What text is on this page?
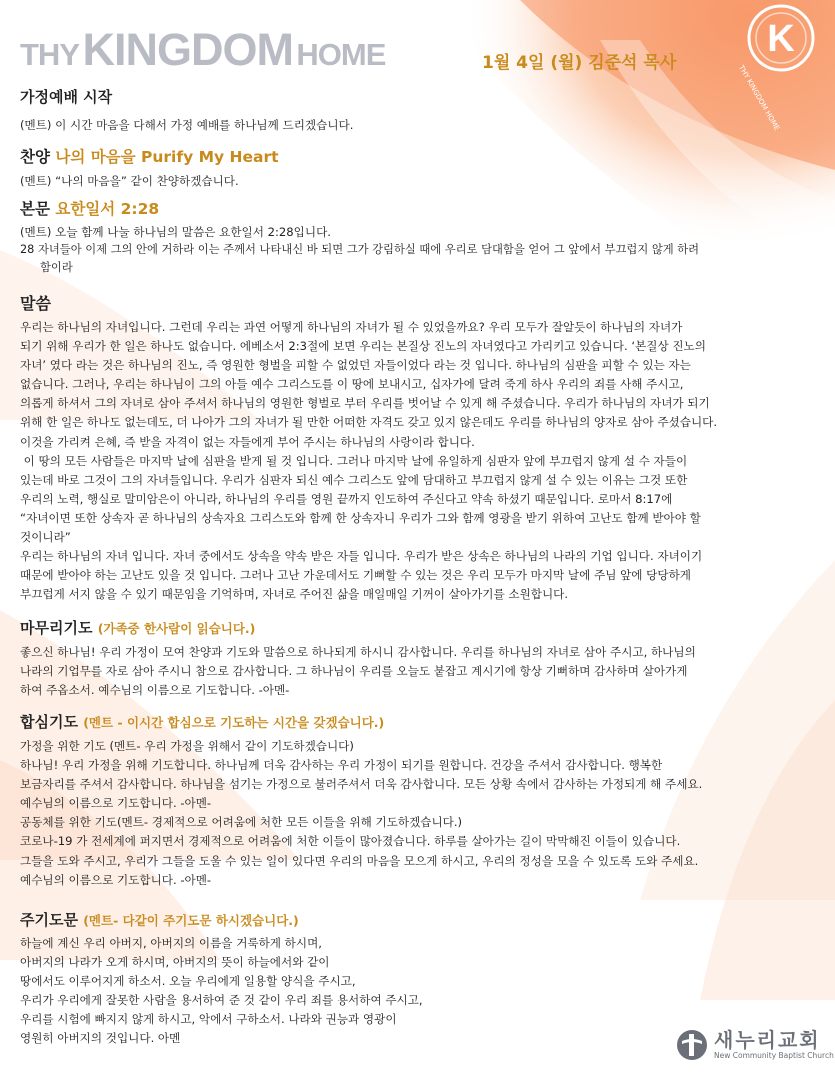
THY KINGDOM HOME	1월 4일 (월) 김준석 목사
K
THY KINGDOM HOME
가정예배 시작
(멘트) 이 시간 마음을 다해서 가정 예배를 하나님께 드리겠습니다.
찬양 나의 마음을 Purify My Heart
(멘트) “나의 마음을” 같이 찬양하겠습니다.
본문 요한일서 2:28
(멘트) 오늘 함께 나눌 하나님의 말씀은 요한일서 2:28입니다.
28 자녀들아 이제 그의 안에 거하라 이는 주께서 나타내신 바 되면 그가 강림하실 때에 우리로 담대함을 얻어 그 앞에서 부끄럽지 않게 하려
함이라
말씀
우리는 하나님의 자녀입니다. 그런데 우리는 과연 어떻게 하나님의 자녀가 될 수 있었을까요? 우리 모두가 잘알듯이 하나님의 자녀가
되기 위해 우리가 한 일은 하나도 없습니다. 에베소서 2:3절에 보면 우리는 본질상 진노의 자녀였다고 가리키고 있습니다. ‘본질상 진노의
자녀’ 였다 라는 것은 하나님의 진노, 즉 영원한 형벌을 피할 수 없었던 자들이었다 라는 것 입니다. 하나님의 심판을 피할 수 있는 자는
없습니다. 그러나, 우리는 하나님이 그의 아들 예수 그리스도를 이 땅에 보내시고, 십자가에 달려 죽게 하사 우리의 죄를 사해 주시고,
의롭게 하셔서 그의 자녀로 삼아 주셔서 하나님의 영원한 형벌로 부터 우리를 벗어날 수 있게 해 주셨습니다. 우리가 하나님의 자녀가 되기
위해 한 일은 하나도 없는데도, 더 나아가 그의 자녀가 될 만한 어떠한 자격도 갖고 있지 않은데도 우리를 하나님의 양자로 삼아 주셨습니다.
이것을 가리켜 은혜, 즉 받을 자격이 없는 자들에게 부어 주시는 하나님의 사랑이라 합니다.
이 땅의 모든 사람들은 마지막 날에 심판을 받게 될 것 입니다. 그러나 마지막 날에 유일하게 심판자 앞에 부끄럽지 않게 설 수 자들이
있는데 바로 그것이 그의 자녀들입니다. 우리가 심판자 되신 예수 그리스도 앞에 담대하고 부끄럽지 않게 설 수 있는 이유는 그것 또한
우리의 노력, 행실로 말미암은이 아니라, 하나님의 우리를 영원 끝까지 인도하여 주신다고 약속 하셨기 때문입니다. 로마서 8:17에
“자녀이면 또한 상속자 곧 하나님의 상속자요 그리스도와 함께 한 상속자니 우리가 그와 함께 영광을 받기 위하여 고난도 함께 받아야 할
것이니라”
우리는 하나님의 자녀 입니다. 자녀 중에서도 상속을 약속 받은 자들 입니다. 우리가 받은 상속은 하나님의 나라의 기업 입니다. 자녀이기
때문에 받아야 하는 고난도 있을 것 입니다. 그러나 고난 가운데서도 기뻐할 수 있는 것은 우리 모두가 마지막 날에 주님 앞에 당당하게
부끄럽게 서지 않을 수 있기 때문임을 기억하며, 자녀로 주어진 삶을 매일매일 기꺼이 살아가기를 소원합니다.
마무리기도 (가족중 한사람이 읽습니다.)
좋으신 하나님! 우리 가정이 모여 찬양과 기도와 말씀으로 하나되게 하시니 감사합니다. 우리를 하나님의 자녀로 삼아 주시고, 하나님의
나라의 기업무를 자로 삼아 주시니 참으로 감사합니다. 그 하나님이 우리를 오늘도 붙잡고 계시기에 항상 기뻐하며 감사하며 살아가게
하여 주옵소서. 예수님의 이름으로 기도합니다. -아멘-
합심기도 (멘트 - 이시간 합심으로 기도하는 시간을 갖겠습니다.)
가정을 위한 기도 (멘트- 우리 가정을 위해서 같이 기도하겠습니다)
하나님! 우리 가정을 위해 기도합니다. 하나님께 더욱 감사하는 우리 가정이 되기를 원합니다. 건강을 주셔서 감사합니다. 행복한
보금자리를 주셔서 감사합니다. 하나님을 섬기는 가정으로 불러주셔서 더욱 감사합니다. 모든 상황 속에서 감사하는 가정되게 해 주세요.
예수님의 이름으로 기도합니다. -아멘-
공동체를 위한 기도(멘트- 경제적으로 어려움에 처한 모든 이들을 위해 기도하겠습니다.)
코로나-19 가 전세계에 퍼지면서 경제적으로 어려움에 처한 이들이 많아졌습니다. 하루를 살아가는 길이 막막해진 이들이 있습니다.
그들을 도와 주시고, 우리가 그들을 도울 수 있는 일이 있다면 우리의 마음을 모으게 하시고, 우리의 정성을 모을 수 있도록 도와 주세요.
예수님의 이름으로 기도합니다. -아멘-
주기도문 (멘트- 다같이 주기도문 하시겠습니다.)
하늘에 계신 우리 아버지, 아버지의 이름을 거룩하게 하시며,
아버지의 나라가 오게 하시며, 아버지의 뜻이 하늘에서와 같이
땅에서도 이루어지게 하소서. 오늘 우리에게 일용할 양식을 주시고,
우리가 우리에게 잘못한 사람을 용서하여 준 것 같이 우리 죄를 용서하여 주시고,
우리를 시험에 빠지지 않게 하시고, 악에서 구하소서. 나라와 권능과 영광이
영원히 아버지의 것입니다. 아멘	새누리교회
New Community Baptist Church
